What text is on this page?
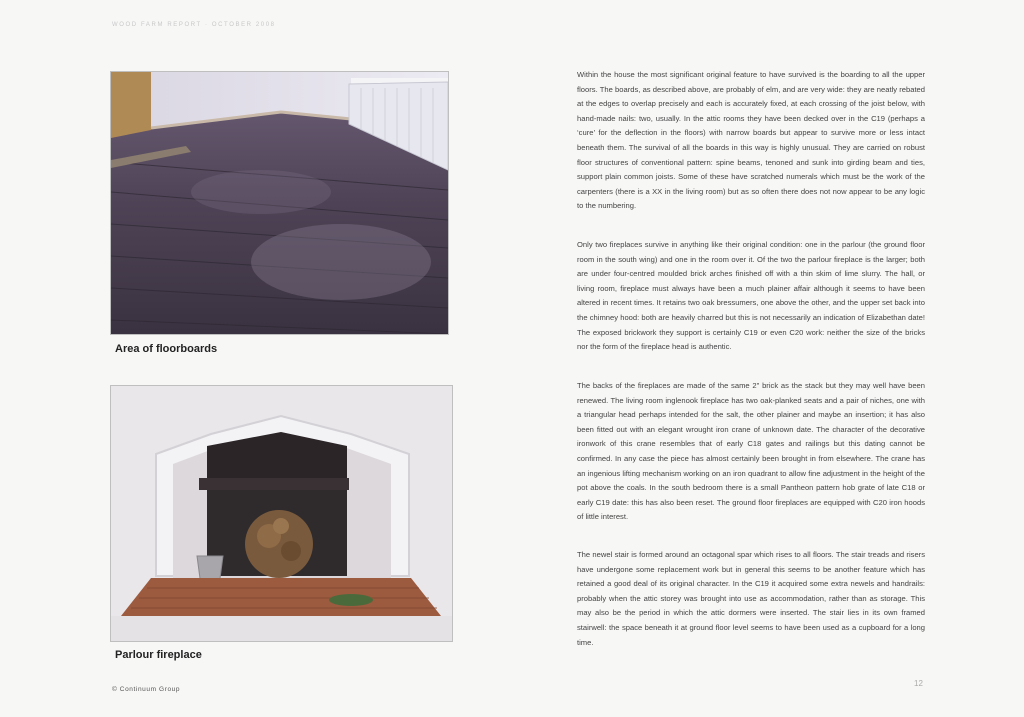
WOOD FARM REPORT · OCTOBER 2008
Area of floorboards
Parlour fireplace

Within the house the most significant original feature to have survived is the boarding to all the upper floors. The boards, as described above, are probably of elm, and are very wide: they are neatly rebated at the edges to overlap precisely and each is accurately fixed, at each crossing of the joist below, with hand-made nails: two, usually. In the attic rooms they have been decked over in the C19 (perhaps a ‘cure’ for the deflection in the floors) with narrow boards but appear to survive more or less intact beneath them. The survival of all the boards in this way is highly unusual. They are carried on robust floor structures of conventional pattern: spine beams, tenoned and sunk into girding beam and ties, support plain common joists. Some of these have scratched numerals which must be the work of the carpenters (there is a XX in the living room) but as so often there does not now appear to be any logic to the numbering.

Only two fireplaces survive in anything like their original condition: one in the parlour (the ground floor room in the south wing) and one in the room over it. Of the two the parlour fireplace is the larger; both are under four-centred moulded brick arches finished off with a thin skim of lime slurry. The hall, or living room, fireplace must always have been a much plainer affair although it seems to have been altered in recent times. It retains two oak bressumers, one above the other, and the upper set back into the chimney hood: both are heavily charred but this is not necessarily an indication of Elizabethan date! The exposed brickwork they support is certainly C19 or even C20 work: neither the size of the bricks nor the form of the fireplace head is authentic.

The backs of the fireplaces are made of the same 2" brick as the stack but they may well have been renewed. The living room inglenook fireplace has two oak-planked seats and a pair of niches, one with a triangular head perhaps intended for the salt, the other plainer and maybe an insertion; it has also been fitted out with an elegant wrought iron crane of unknown date. The character of the decorative ironwork of this crane resembles that of early C18 gates and railings but this dating cannot be confirmed. In any case the piece has almost certainly been brought in from elsewhere. The crane has an ingenious lifting mechanism working on an iron quadrant to allow fine adjustment in the height of the pot above the coals. In the south bedroom there is a small Pantheon pattern hob grate of late C18 or early C19 date: this has also been reset. The ground floor fireplaces are equipped with C20 iron hoods of little interest.

The newel stair is formed around an octagonal spar which rises to all floors. The stair treads and risers have undergone some replacement work but in general this seems to be another feature which has retained a good deal of its original character. In the C19 it acquired some extra newels and handrails: probably when the attic storey was brought into use as accommodation, rather than as storage. This may also be the period in which the attic dormers were inserted. The stair lies in its own framed stairwell: the space beneath it at ground floor level seems to have been used as a cupboard for a long time.

© Continuum Group
12
